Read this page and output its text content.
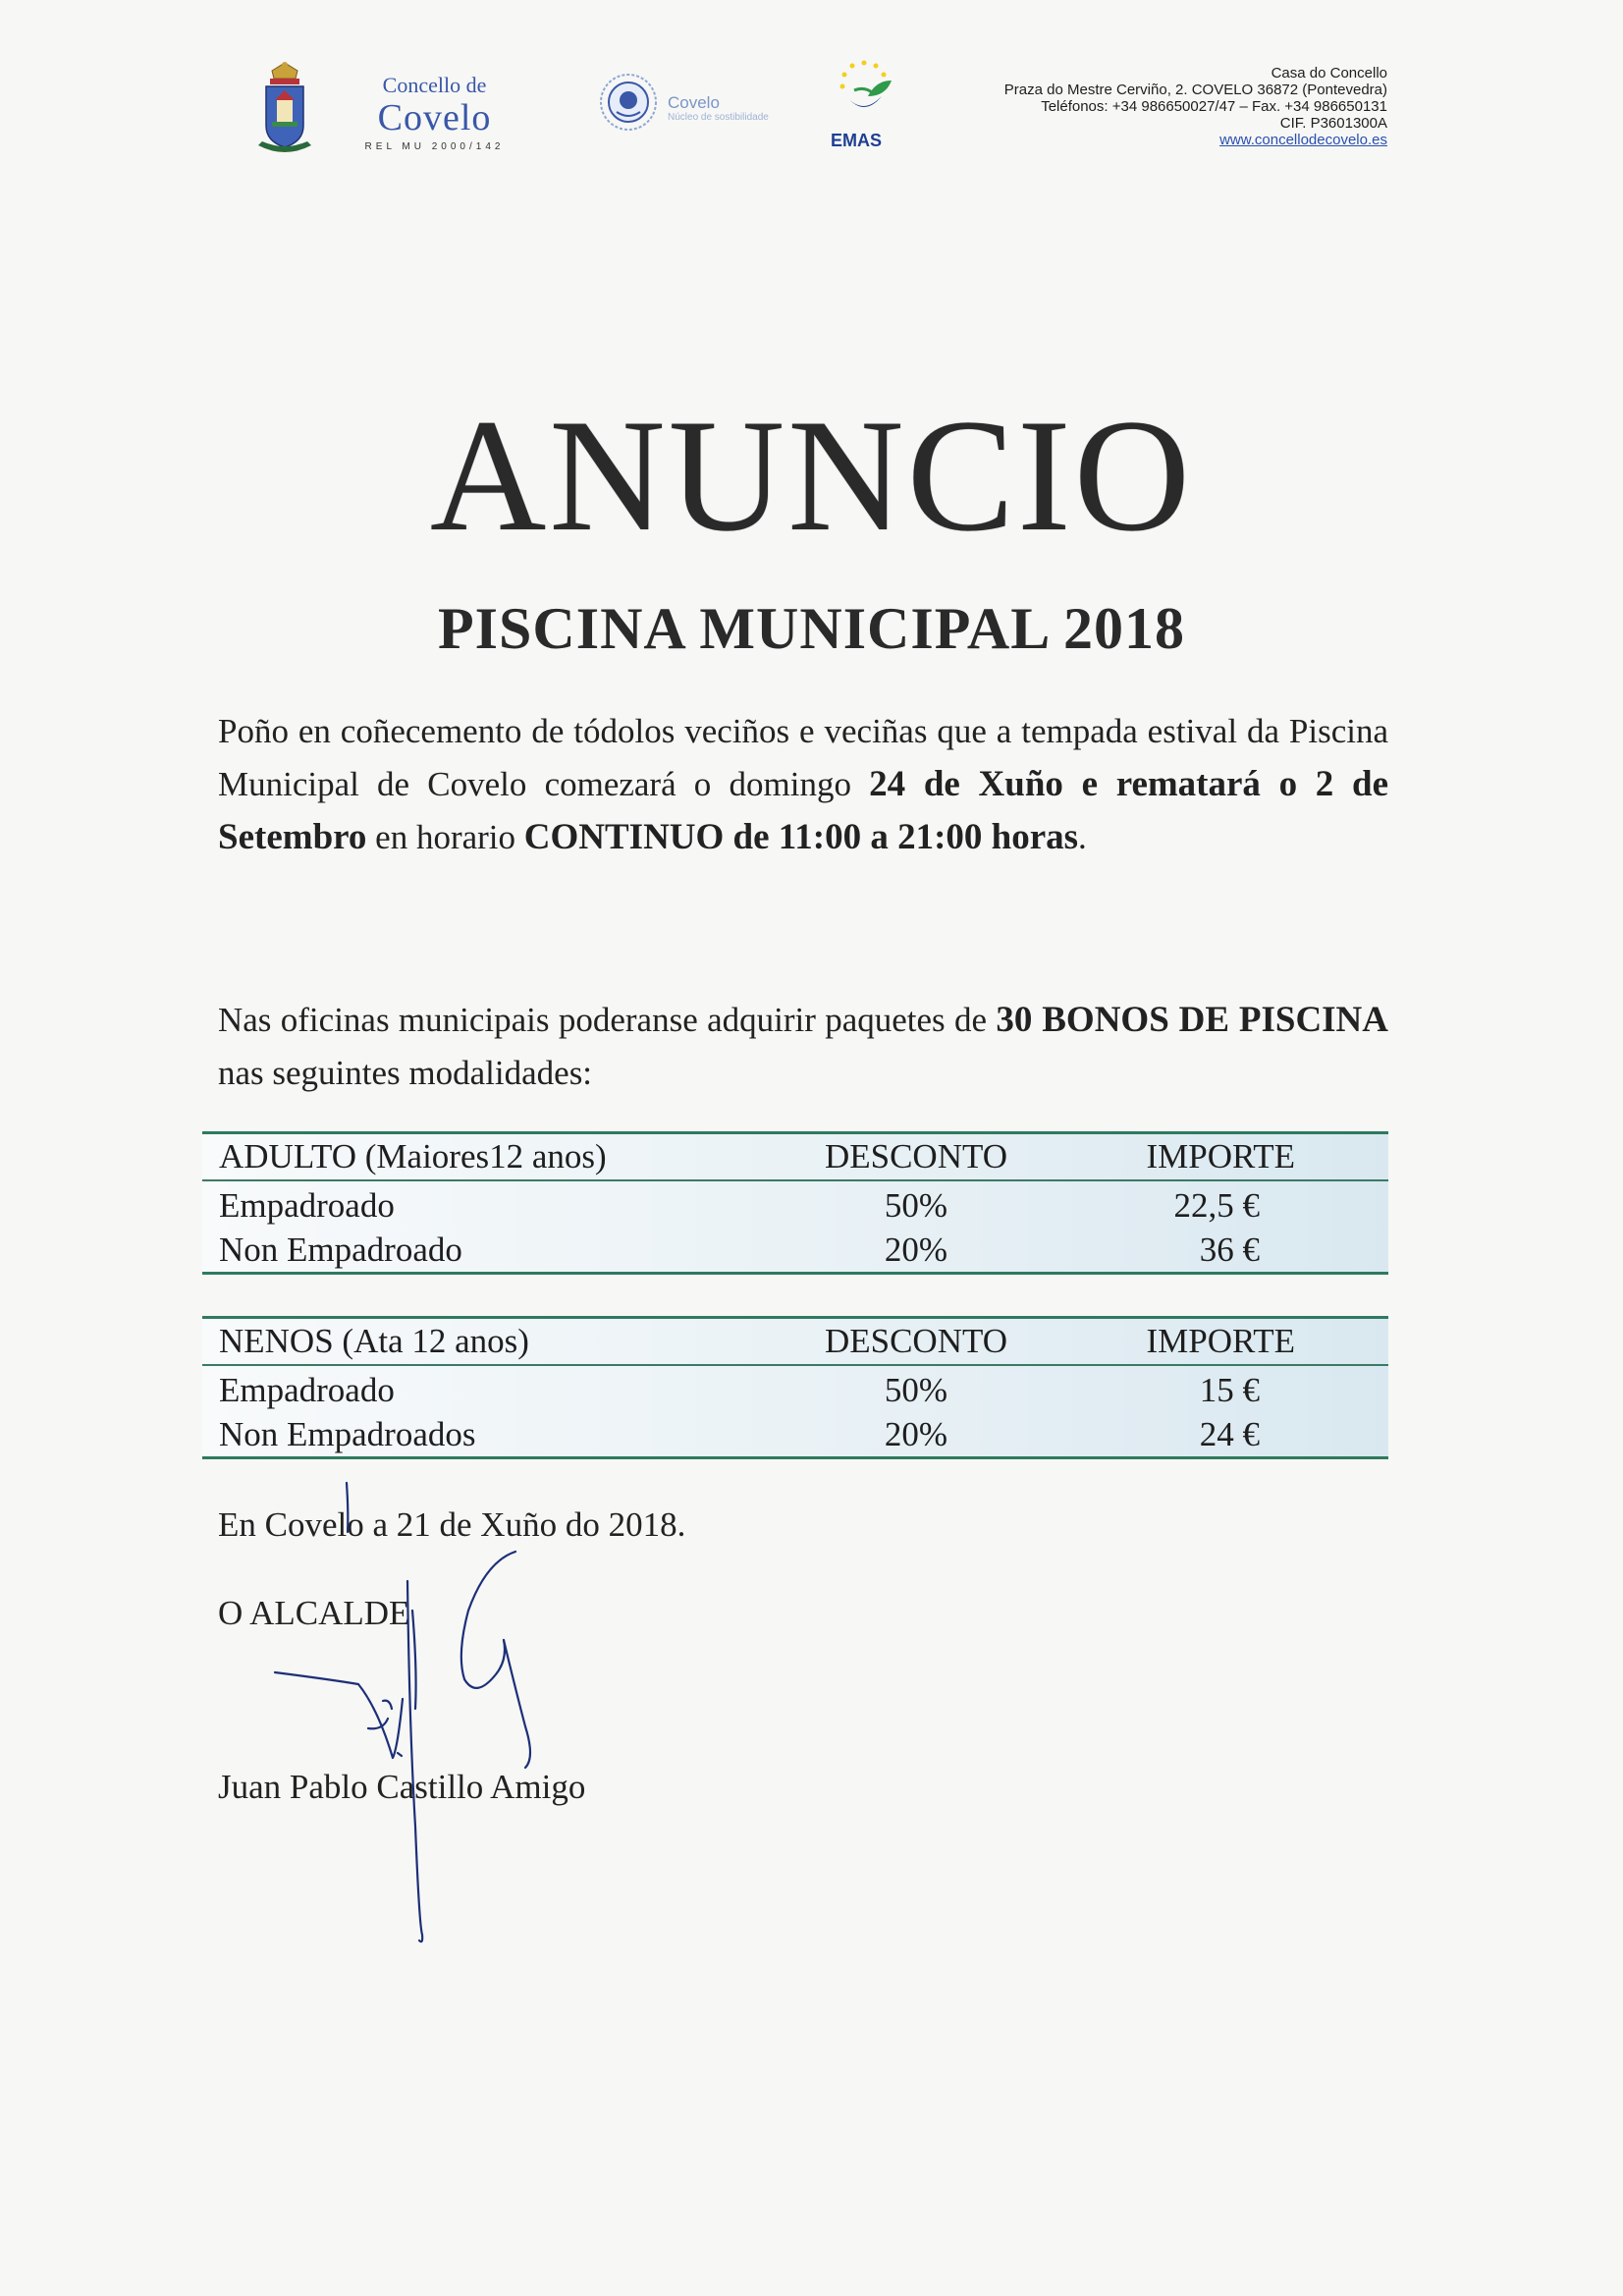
Concello de
Covelo
REL MU 2000/142
Covelo
Núcleo de sostibilidade
EMAS
Casa do Concello
Praza do Mestre Cerviño, 2. COVELO 36872 (Pontevedra)
Teléfonos: +34 986650027/47 – Fax. +34 986650131
CIF. P3601300A
www.concellodecovelo.es
ANUNCIO
PISCINA MUNICIPAL 2018
Poño en coñecemento de tódolos veciños e veciñas que a tempada estival da Piscina Municipal de Covelo comezará o domingo 24 de Xuño e rematará o 2 de Setembro en horario CONTINUO de 11:00 a 21:00 horas.
Nas oficinas municipais poderanse adquirir paquetes de 30 BONOS DE PISCINA nas seguintes modalidades:
ADULTO (Maiores12 anos)	DESCONTO	IMPORTE
Empadroado	50%	22,5 €
Non Empadroado	20%	36 €
NENOS (Ata 12 anos)	DESCONTO	IMPORTE
Empadroado	50%	15 €
Non Empadroados	20%	24 €
En Covelo a 21 de Xuño do 2018.
O ALCALDE
Juan Pablo Castillo Amigo
